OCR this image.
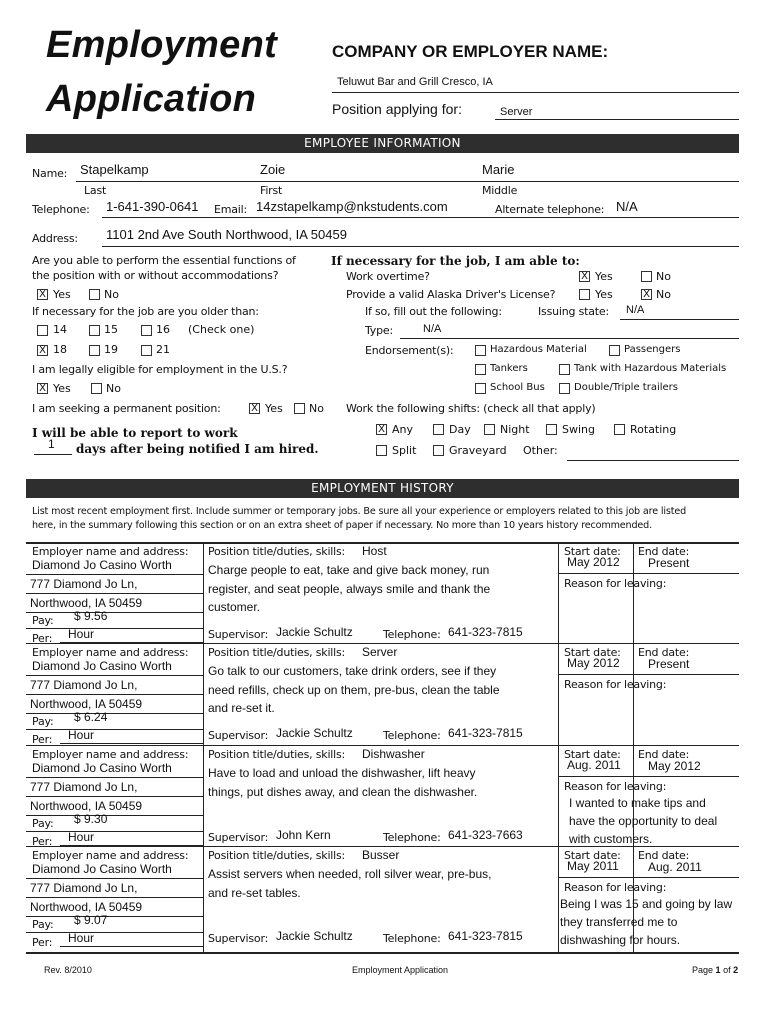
Employment
Application
COMPANY OR EMPLOYER NAME:
Teluwut Bar and Grill Cresco, IA
Position applying for:	Server
EMPLOYEE INFORMATION
Name: Stapelkamp	Zoie	Marie
Last	First	Middle
Telephone: 1-641-390-0641 Email: 14zstapelkamp@nkstudents.com	Alternate telephone: N/A
Address: 1101 2nd Ave South Northwood, IA 50459
Are you able to perform the essential functions of
the position with or without accommodations?
X Yes	No
If necessary for the job are you older than:
14	15	16 (Check one)
X 18	19	21
I am legally eligible for employment in the U.S.?
X Yes	No
I am seeking a permanent position:	X Yes No
I will be able to report to work
1 days after being notified I am hired.
If necessary for the job, I am able to:
Work overtime?	X Yes	No
Provide a valid Alaska Driver's License?	Yes	X No
If so, fill out the following:	Issuing state: N/A
Type:	N/A
Endorsement(s):	Hazardous Material	Passengers
Tankers	Tank with Hazardous Materials
School Bus	Double/Triple trailers
Work the following shifts: (check all that apply)
X Any	Day	Night	Swing	Rotating
Split	Graveyard Other:
EMPLOYMENT HISTORY
List most recent employment first. Include summer or temporary jobs. Be sure all your experience or employers related to this job are listed
here, in the summary following this section or on an extra sheet of paper if necessary. No more than 10 years history recommended.
Employer name and address:
Diamond Jo Casino Worth
777 Diamond Jo Ln,
Northwood, IA 50459
Pay: $ 9.56
Per: Hour
Position title/duties, skills: Host
Charge people to eat, take and give back money, run
register, and seat people, always smile and thank the
customer.
Supervisor: Jackie Schultz	Telephone: 641-323-7815
Start date:
May 2012
End date:
Present
Reason for leaving:
Employer name and address:
Diamond Jo Casino Worth
777 Diamond Jo Ln,
Northwood, IA 50459
Pay: $ 6.24
Per: Hour
Position title/duties, skills: Server
Go talk to our customers, take drink orders, see if they
need refills, check up on them, pre-bus, clean the table
and re-set it.
Supervisor: Jackie Schultz	Telephone: 641-323-7815
Start date:
May 2012
End date:
Present
Reason for leaving:
Employer name and address:
Diamond Jo Casino Worth
777 Diamond Jo Ln,
Northwood, IA 50459
Pay: $ 9.30
Per: Hour
Position title/duties, skills: Dishwasher
Have to load and unload the dishwasher, lift heavy
things, put dishes away, and clean the dishwasher.
Supervisor: John Kern	Telephone: 641-323-7663
Start date:
Aug. 2011
End date:
May 2012
Reason for leaving:
I wanted to make tips and
have the opportunity to deal
with customers.
Employer name and address:
Diamond Jo Casino Worth
777 Diamond Jo Ln,
Northwood, IA 50459
Pay: $ 9.07
Per: Hour
Position title/duties, skills: Busser
Assist servers when needed, roll silver wear, pre-bus,
and re-set tables.
Supervisor: Jackie Schultz	Telephone: 641-323-7815
Start date:
May 2011
End date:
Aug. 2011
Reason for leaving:
Being I was 15 and going by law
they transferred me to
dishwashing for hours.
Rev. 8/2010	Employment Application	Page 1 of 2
